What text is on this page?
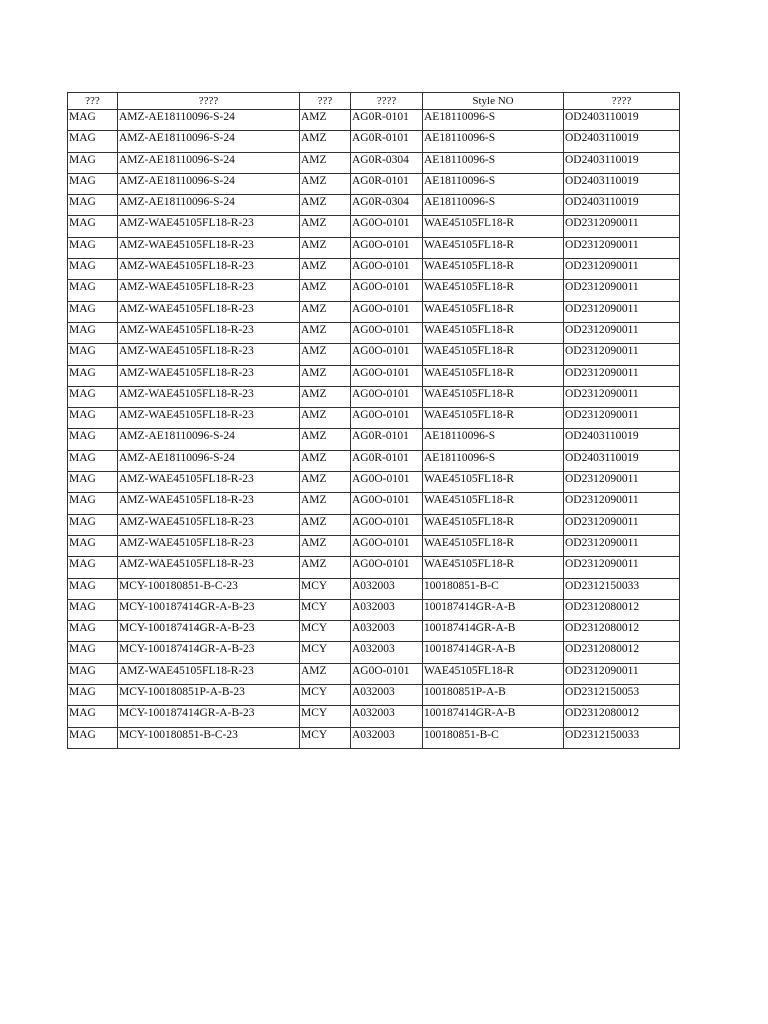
???	????	???	????	Style NO	????
MAG	AMZ-AE18110096-S-24	AMZ	AG0R-0101	AE18110096-S	OD2403110019
MAG	AMZ-AE18110096-S-24	AMZ	AG0R-0101	AE18110096-S	OD2403110019
MAG	AMZ-AE18110096-S-24	AMZ	AG0R-0304	AE18110096-S	OD2403110019
MAG	AMZ-AE18110096-S-24	AMZ	AG0R-0101	AE18110096-S	OD2403110019
MAG	AMZ-AE18110096-S-24	AMZ	AG0R-0304	AE18110096-S	OD2403110019
MAG	AMZ-WAE45105FL18-R-23	AMZ	AG0O-0101	WAE45105FL18-R	OD2312090011
MAG	AMZ-WAE45105FL18-R-23	AMZ	AG0O-0101	WAE45105FL18-R	OD2312090011
MAG	AMZ-WAE45105FL18-R-23	AMZ	AG0O-0101	WAE45105FL18-R	OD2312090011
MAG	AMZ-WAE45105FL18-R-23	AMZ	AG0O-0101	WAE45105FL18-R	OD2312090011
MAG	AMZ-WAE45105FL18-R-23	AMZ	AG0O-0101	WAE45105FL18-R	OD2312090011
MAG	AMZ-WAE45105FL18-R-23	AMZ	AG0O-0101	WAE45105FL18-R	OD2312090011
MAG	AMZ-WAE45105FL18-R-23	AMZ	AG0O-0101	WAE45105FL18-R	OD2312090011
MAG	AMZ-WAE45105FL18-R-23	AMZ	AG0O-0101	WAE45105FL18-R	OD2312090011
MAG	AMZ-WAE45105FL18-R-23	AMZ	AG0O-0101	WAE45105FL18-R	OD2312090011
MAG	AMZ-WAE45105FL18-R-23	AMZ	AG0O-0101	WAE45105FL18-R	OD2312090011
MAG	AMZ-AE18110096-S-24	AMZ	AG0R-0101	AE18110096-S	OD2403110019
MAG	AMZ-AE18110096-S-24	AMZ	AG0R-0101	AE18110096-S	OD2403110019
MAG	AMZ-WAE45105FL18-R-23	AMZ	AG0O-0101	WAE45105FL18-R	OD2312090011
MAG	AMZ-WAE45105FL18-R-23	AMZ	AG0O-0101	WAE45105FL18-R	OD2312090011
MAG	AMZ-WAE45105FL18-R-23	AMZ	AG0O-0101	WAE45105FL18-R	OD2312090011
MAG	AMZ-WAE45105FL18-R-23	AMZ	AG0O-0101	WAE45105FL18-R	OD2312090011
MAG	AMZ-WAE45105FL18-R-23	AMZ	AG0O-0101	WAE45105FL18-R	OD2312090011
MAG	MCY-100180851-B-C-23	MCY	A032003	100180851-B-C	OD2312150033
MAG	MCY-100187414GR-A-B-23	MCY	A032003	100187414GR-A-B	OD2312080012
MAG	MCY-100187414GR-A-B-23	MCY	A032003	100187414GR-A-B	OD2312080012
MAG	MCY-100187414GR-A-B-23	MCY	A032003	100187414GR-A-B	OD2312080012
MAG	AMZ-WAE45105FL18-R-23	AMZ	AG0O-0101	WAE45105FL18-R	OD2312090011
MAG	MCY-100180851P-A-B-23	MCY	A032003	100180851P-A-B	OD2312150053
MAG	MCY-100187414GR-A-B-23	MCY	A032003	100187414GR-A-B	OD2312080012
MAG	MCY-100180851-B-C-23	MCY	A032003	100180851-B-C	OD2312150033
